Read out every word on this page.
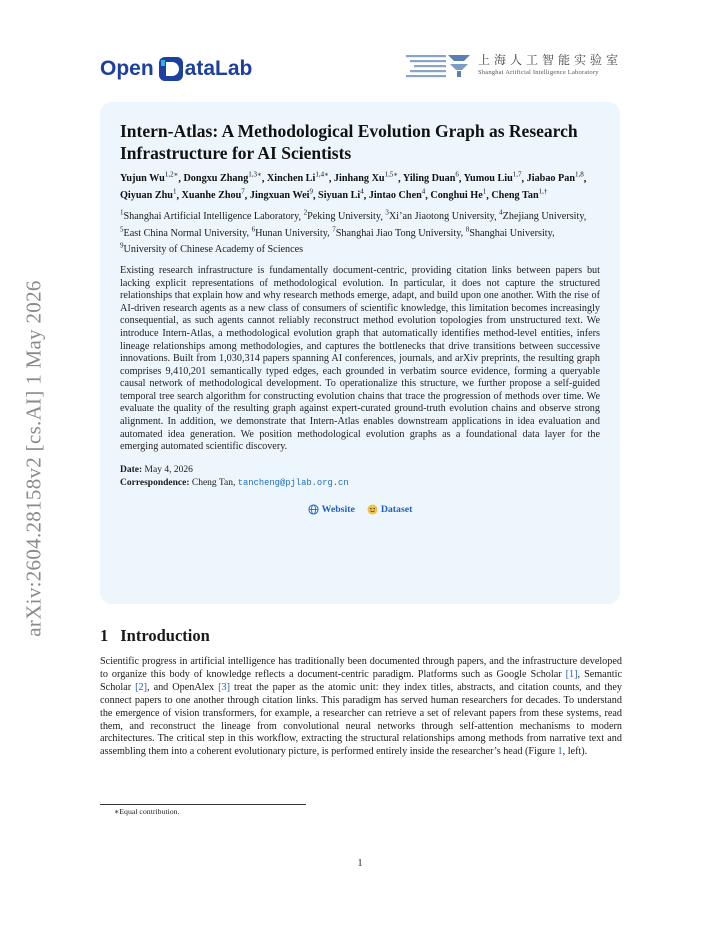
arXiv:2604.28158v2 [cs.AI] 1 May 2026
Open ataLab	上海人工智能实验室
Shanghai Artificial Intelligence Laboratory
Intern-Atlas: A Methodological Evolution Graph as Research Infrastructure for AI Scientists
Yujun $Wu^{1,2∗}$, Dongxu Zhang$^{1,3∗}$, Xinchen $Li^{1,4∗}$, Jinhang $Xu^{1,5∗}$, Yiling Duan$^6$, Yumou Liu$^{1,7}$, Jiabao Pan$^{1,8}$, Qiyuan Zhu$^1$, Xuanhe Zhou$^7$, Jingxuan Wei$^9$, Siyuan Li$^4$, Jintao Chen$^4$, Conghui He$^1$, Cheng Tan$^{1,\dagger}$
$^1$Shanghai Artificial Intelligence Laboratory, $^2$Peking University, $^3$Xi’an Jiaotong University, $^4$Zhejiang University, $^5$East China Normal University, $^6$Hunan University, $^7$Shanghai Jiao Tong University, $^8$Shanghai University, $^9$University of Chinese Academy of Sciences

Existing research infrastructure is fundamentally document-centric, providing citation links between papers but lacking explicit representations of methodological evolution. In particular, it does not capture the structured relationships that explain how and why research methods emerge, adapt, and build upon one another. With the rise of AI-driven research agents as a new class of consumers of scientific knowledge, this limitation becomes increasingly consequential, as such agents cannot reliably reconstruct method evolution topologies from unstructured text. We introduce Intern-Atlas, a methodological evolution graph that automatically identifies method-level entities, infers lineage relationships among methodologies, and captures the bottlenecks that drive transitions between successive innovations. Built from 1,030,314 papers spanning AI conferences, journals, and arXiv preprints, the resulting graph comprises 9,410,201 semantically typed edges, each grounded in verbatim source evidence, forming a queryable causal network of methodological development. To operationalize this structure, we further propose a self-guided temporal tree search algorithm for constructing evolution chains that trace the progression of methods over time. We evaluate the quality of the resulting graph against expert-curated ground-truth evolution chains and observe strong alignment. In addition, we demonstrate that Intern-Atlas enables downstream applications in idea evaluation and automated idea generation. We position methodological evolution graphs as a foundational data layer for the emerging automated scientific discovery.

Date: May 4, 2026
Correspondence: Cheng Tan, tancheng@pjlab.org.cn
Website	Dataset
1 Introduction

Scientific progress in artificial intelligence has traditionally been documented through papers, and the infrastructure developed to organize this body of knowledge reflects a document-centric paradigm. Platforms such as Google Scholar [1], Semantic Scholar [2], and OpenAlex [3] treat the paper as the atomic unit: they index titles, abstracts, and citation counts, and they connect papers to one another through citation links. This paradigm has served human researchers for decades. To understand the emergence of vision transformers, for example, a researcher can retrieve a set of relevant papers from these systems, read them, and reconstruct the lineage from convolutional neural networks through self-attention mechanisms to modern architectures. The critical step in this workflow, extracting the structural relationships among methods from narrative text and assembling them into a coherent evolutionary picture, is performed entirely inside the researcher’s head (Figure 1, left).

∗Equal contribution.
1
